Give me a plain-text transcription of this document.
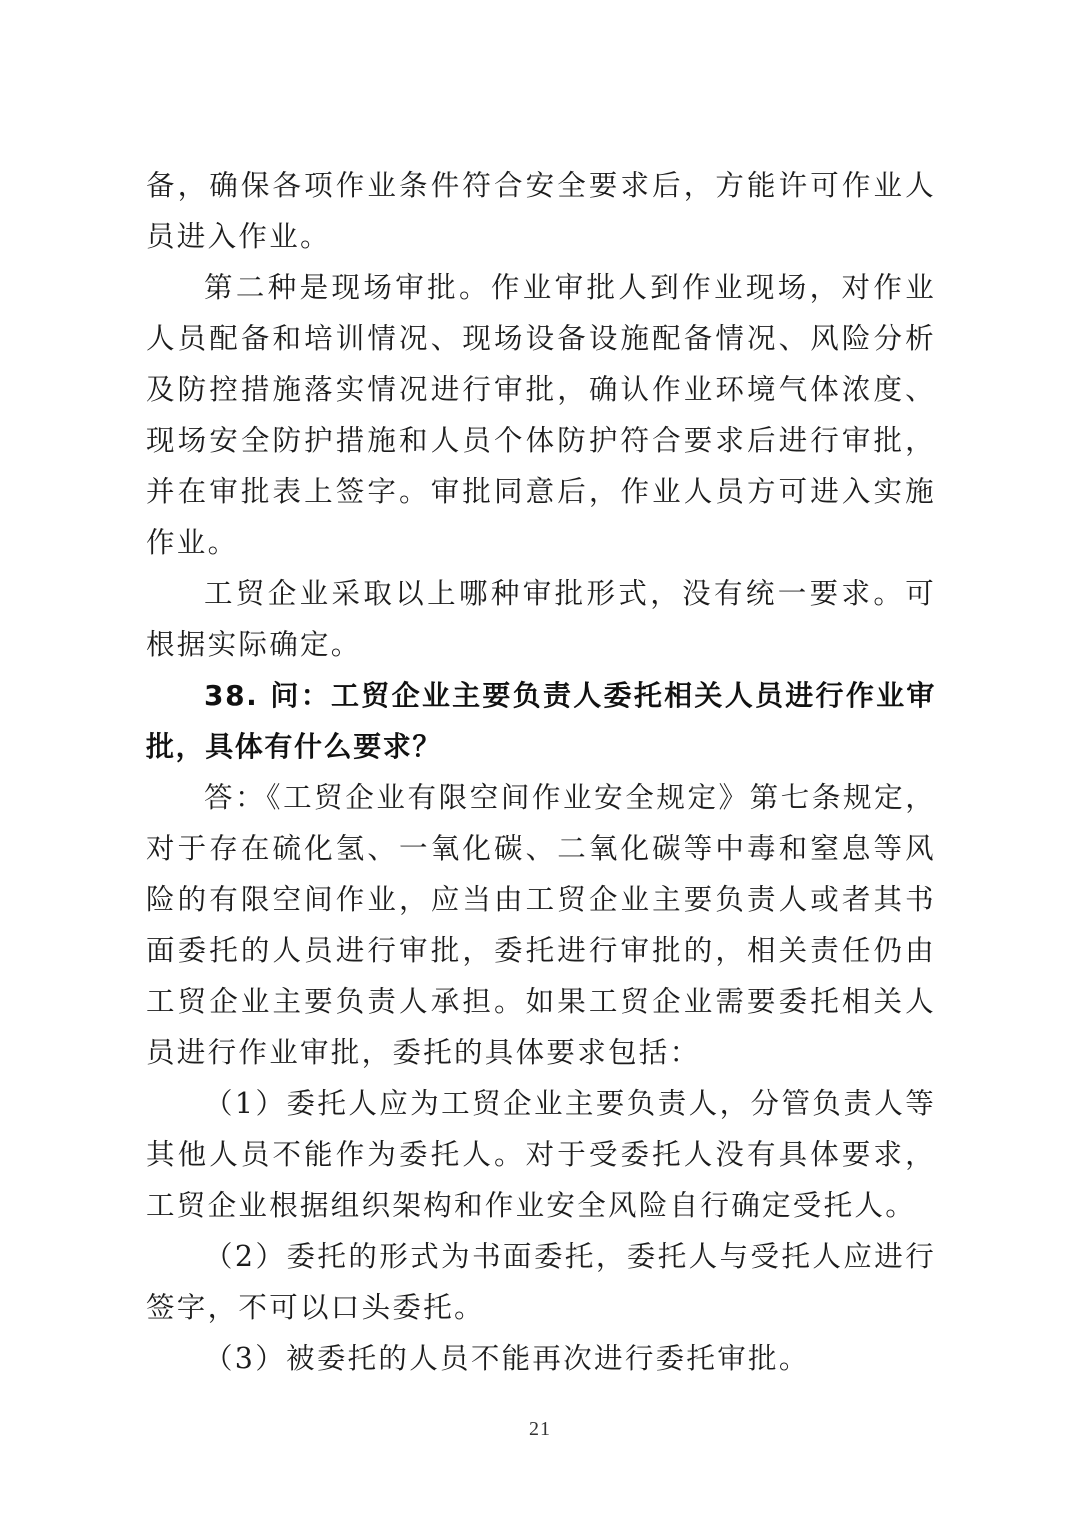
备，确保各项作业条件符合安全要求后，方能许可作业人员进入作业。

第二种是现场审批。作业审批人到作业现场，对作业人员配备和培训情况、现场设备设施配备情况、风险分析及防控措施落实情况进行审批，确认作业环境气体浓度、现场安全防护措施和人员个体防护符合要求后进行审批，并在审批表上签字。审批同意后，作业人员方可进入实施作业。

工贸企业采取以上哪种审批形式，没有统一要求。可根据实际确定。

38. 问：工贸企业主要负责人委托相关人员进行作业审批，具体有什么要求？

答：《工贸企业有限空间作业安全规定》第七条规定，对于存在硫化氢、一氧化碳、二氧化碳等中毒和窒息等风险的有限空间作业，应当由工贸企业主要负责人或者其书面委托的人员进行审批，委托进行审批的，相关责任仍由工贸企业主要负责人承担。如果工贸企业需要委托相关人员进行作业审批，委托的具体要求包括：

（1）委托人应为工贸企业主要负责人，分管负责人等其他人员不能作为委托人。对于受委托人没有具体要求，工贸企业根据组织架构和作业安全风险自行确定受托人。

（2）委托的形式为书面委托，委托人与受托人应进行签字，不可以口头委托。

（3）被委托的人员不能再次进行委托审批。

21
